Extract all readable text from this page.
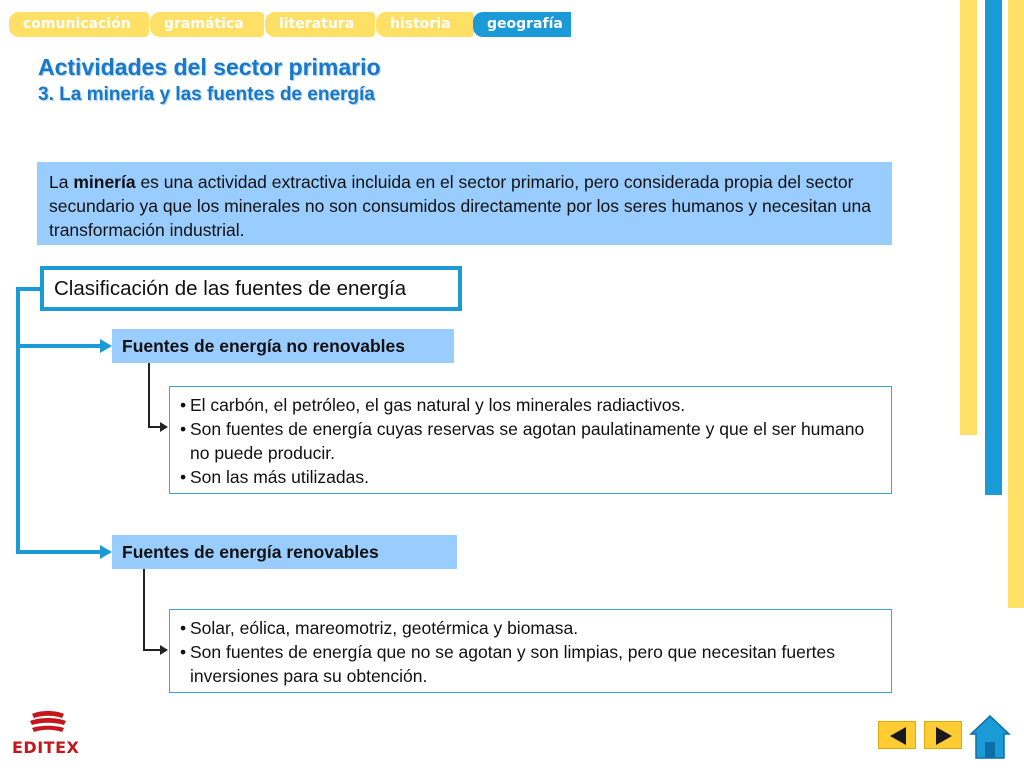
comunicación	gramática	literatura	historia	geografía
Actividades del sector primario
3. La minería y las fuentes de energía
La minería es una actividad extractiva incluida en el sector primario, pero considerada propia del sector secundario ya que los minerales no son consumidos directamente por los seres humanos y necesitan una transformación industrial.
Clasificación de las fuentes de energía
Fuentes de energía no renovables
• El carbón, el petróleo, el gas natural y los minerales radiactivos.
• Son fuentes de energía cuyas reservas se agotan paulatinamente y que el ser humano no puede producir.
• Son las más utilizadas.
Fuentes de energía renovables
• Solar, eólica, mareomotriz, geotérmica y biomasa.
• Son fuentes de energía que no se agotan y son limpias, pero que necesitan fuertes inversiones para su obtención.
EDITEX
